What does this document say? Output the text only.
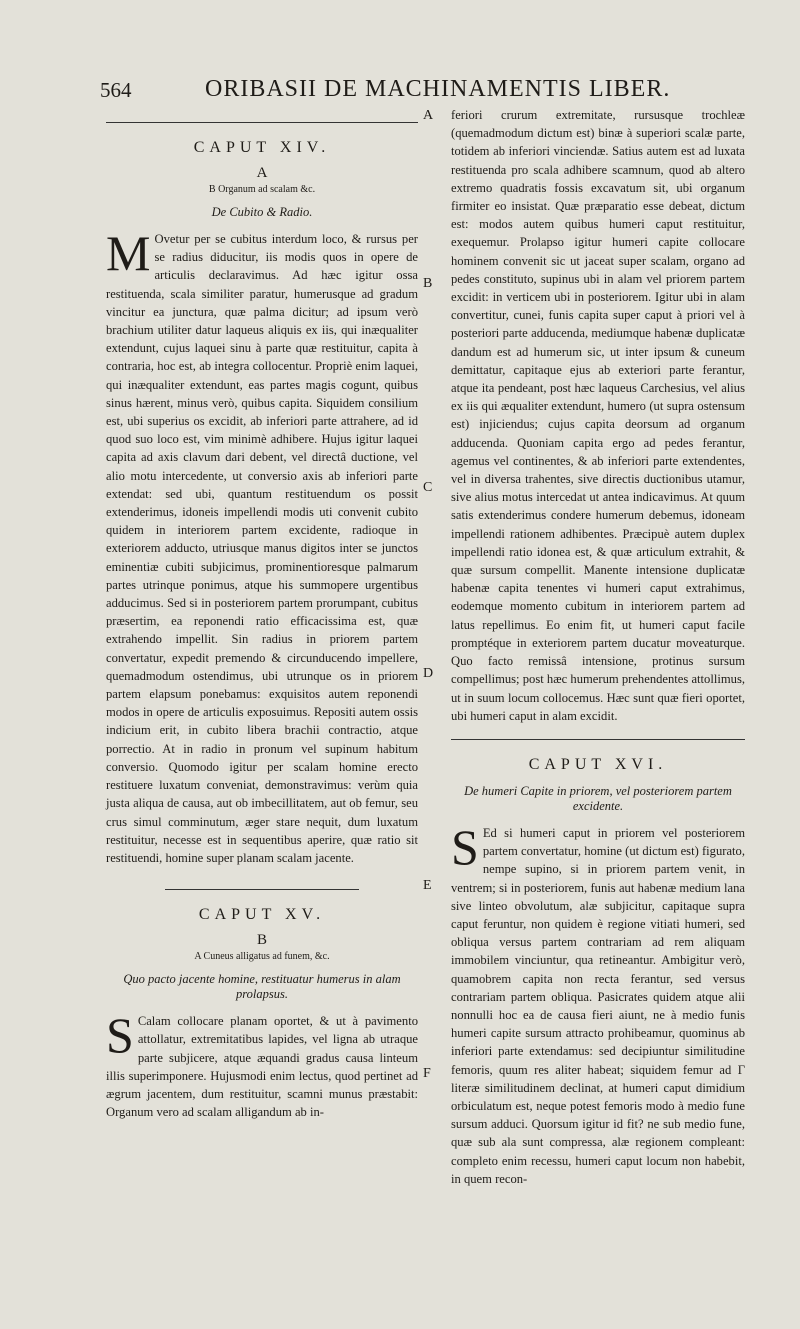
564	ORIBASII DE MACHINAMENTIS LIBER.
CAPUT XIV.
A
B Organum ad scalam &c.
De Cubito & Radio.

M Ovetur per se cubitus interdum loco, & rursus per se radius diducitur, iis modis quos in opere de articulis declaravimus. Ad hæc igitur ossa restituenda, scala similiter paratur, humerusque ad gradum vincitur ea junctura, quæ palma dicitur; ad ipsum verò brachium utiliter datur laqueus aliquis ex iis, qui inæqualiter extendunt, cujus laquei sinu à parte quæ restituitur, capita à contraria, hoc est, ab integra collocentur. Propriè enim laquei, qui inæqualiter extendunt, eas partes magis cogunt, quibus sinus hærent, minus verò, quibus capita. Siquidem consilium est, ubi superius os excidit, ab inferiori parte attrahere, ad id quod suo loco est, vim minimè adhibere. Hujus igitur laquei capita ad axis clavum dari debent, vel directâ ductione, vel alio motu intercedente, ut conversio axis ab inferiori parte extendat: sed ubi, quantum restituendum os possit extenderimus, idoneis impellendi modis uti convenit cubito quidem in interiorem partem excidente, radioque in exteriorem adducto, utriusque manus digitos inter se junctos eminentiæ cubiti subjicimus, prominentioresque palmarum partes utrinque ponimus, atque his summopere urgentibus adducimus. Sed si in posteriorem partem prorumpant, cubitus præsertim, ea reponendi ratio efficacissima est, quæ extrahendo impellit. Sin radius in priorem partem convertatur, expedit premendo & circunducendo impellere, quemadmodum ostendimus, ubi utrunque os in priorem partem elapsum ponebamus: exquisitos autem reponendi modos in opere de articulis exposuimus. Repositi autem ossis indicium erit, in cubito libera brachii contractio, atque porrectio. At in radio in pronum vel supinum habitum conversio. Quomodo igitur per scalam homine erecto restituere luxatum conveniat, demonstravimus: verùm quia justa aliqua de causa, aut ob imbecillitatem, aut ob femur, seu crus simul comminutum, æger stare nequit, dum luxatum restituitur, necesse est in sequentibus aperire, quæ ratio sit restituendi, homine super planam scalam jacente.

CAPUT XV.
B
A Cuneus alligatus ad funem, &c.
Quo pacto jacente homine, restituatur humerus in alam prolapsus.

S Calam collocare planam oportet, & ut à pavimento attollatur, extremitatibus lapides, vel ligna ab utraque parte subjicere, atque æquandi gradus causa linteum illis superimponere. Hujusmodi enim lectus, quod pertinet ad ægrum jacentem, dum restituitur, scamni munus præstabit: Organum vero ad scalam alligandum ab in-

feriori crurum extremitate, rursusque trochleæ (quemadmodum dictum est) binæ à superiori scalæ parte, totidem ab inferiori vinciendæ. Satius autem est ad luxata restituenda pro scala adhibere scamnum, quod ab altero extremo quadratis fossis excavatum sit, ubi organum firmiter eo insistat. Quæ præparatio esse debeat, dictum est: modos autem quibus humeri caput restituitur, exequemur. Prolapso igitur humeri capite collocare hominem convenit sic ut jaceat super scalam, organo ad pedes constituto, supinus ubi in alam vel priorem partem excidit: in verticem ubi in posteriorem. Igitur ubi in alam convertitur, cunei, funis capita super caput à priori vel à posteriori parte adducenda, mediumque habenæ duplicatæ dandum est ad humerum sic, ut inter ipsum & cuneum demittatur, capitaque ejus ab exteriori parte ferantur, atque ita pendeant, post hæc laqueus Carchesius, vel alius ex iis qui æqualiter extendunt, humero (ut supra ostensum est) injiciendus; cujus capita deorsum ad organum adducenda. Quoniam capita ergo ad pedes ferantur, agemus vel continentes, & ab inferiori parte extendentes, vel in diversa trahentes, sive directis ductionibus utamur, sive alius motus intercedat ut antea indicavimus. At quum satis extenderimus condere humerum debemus, idoneam impellendi rationem adhibentes. Præcipuè autem duplex impellendi ratio idonea est, & quæ articulum extrahit, & quæ sursum compellit. Manente intensione duplicatæ habenæ capita tenentes vi humeri caput extrahimus, eodemque momento cubitum in interiorem partem ad latus repellimus. Eo enim fit, ut humeri caput facile promptéque in exteriorem partem ducatur moveaturque. Quo facto remissâ intensione, protinus sursum compellimus; post hæc humerum prehendentes attollimus, ut in suum locum collocemus. Hæc sunt quæ fieri oportet, ubi humeri caput in alam excidit.

CAPUT XVI.
De humeri Capite in priorem, vel posteriorem partem excidente.

S Ed si humeri caput in priorem vel posteriorem partem convertatur, homine (ut dictum est) figurato, nempe supino, si in priorem partem venit, in ventrem; si in posteriorem, funis aut habenæ medium lana sive linteo obvolutum, alæ subjicitur, capitaque supra caput feruntur, non quidem è regione vitiati humeri, sed obliqua versus partem contrariam ad rem aliquam immobilem vinciuntur, qua retineantur. Ambigitur verò, quamobrem capita non recta ferantur, sed versus contrariam partem obliqua. Pasicrates quidem atque alii nonnulli hoc ea de causa fieri aiunt, ne à medio funis humeri capite sursum attracto prohibeamur, quominus ab inferiori parte extendamus: sed decipiuntur similitudine femoris, quum res aliter habeat; siquidem femur ad Γ literæ similitudinem declinat, at humeri caput dimidium orbiculatum est, neque potest femoris modo à medio fune sursum adduci. Quorsum igitur id fit? ne sub medio fune, quæ sub ala sunt compressa, alæ regionem compleant: completo enim recessu, humeri caput locum non habebit, in quem recon-

A
B
C
D
E
F
